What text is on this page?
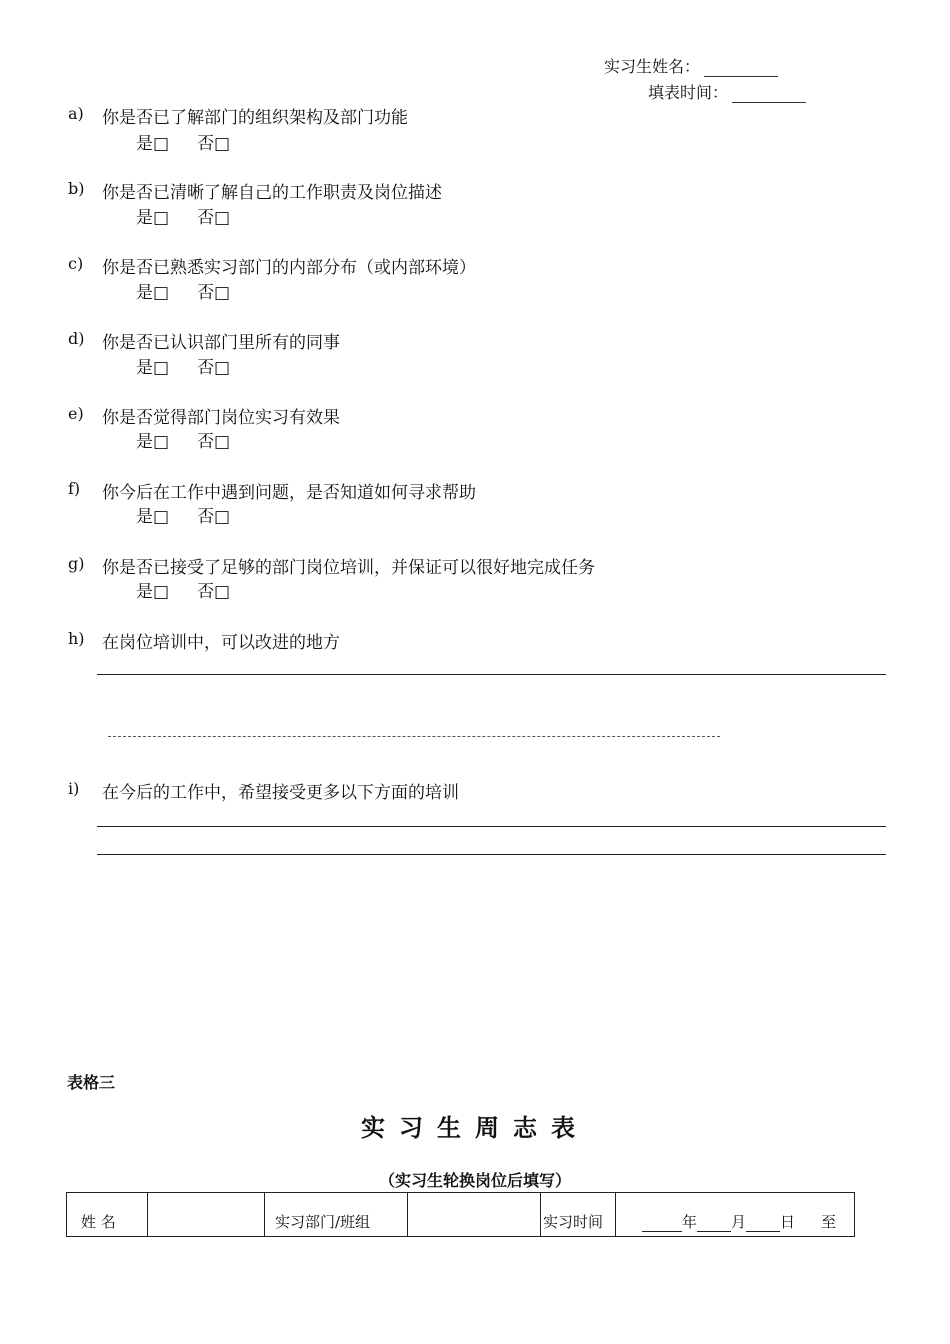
实习生姓名：
填表时间：
a) 你是否已了解部门的组织架构及部门功能
是□ 否□
b) 你是否已清晰了解自己的工作职责及岗位描述
是□ 否□
c) 你是否已熟悉实习部门的内部分布（或内部环境）
是□ 否□
d) 你是否已认识部门里所有的同事
是□ 否□
e) 你是否觉得部门岗位实习有效果
是□ 否□
f) 你今后在工作中遇到问题，是否知道如何寻求帮助
是□ 否□
g) 你是否已接受了足够的部门岗位培训，并保证可以很好地完成任务
是□ 否□
h) 在岗位培训中，可以改进的地方
i) 在今后的工作中，希望接受更多以下方面的培训
表格三
实习生周志表
（实习生轮换岗位后填写）
姓 名		实习部门/班组		实习时间	年 月 日 至
